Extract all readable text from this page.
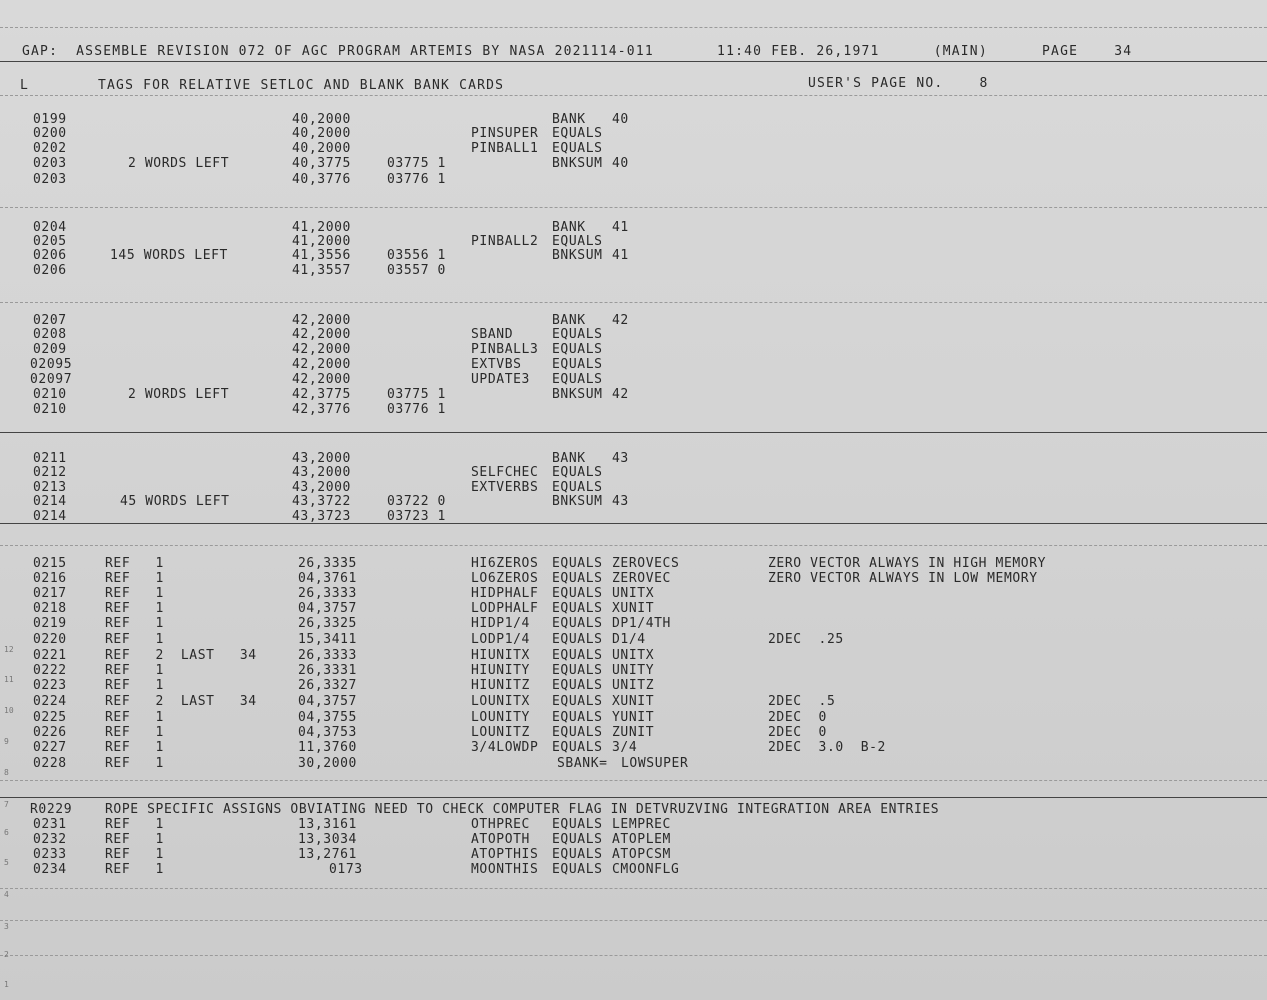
GAP:  ASSEMBLE REVISION 072 OF AGC PROGRAM ARTEMIS BY NASA 2021114-011       11:40 FEB. 26,1971      (MAIN)      PAGE    34
L	TAGS FOR RELATIVE SETLOC AND BLANK BANK CARDS	USER'S PAGE NO.    8
0199	40,2000	BANK 40
0200	40,2000	PINSUPER EQUALS
0202	40,2000	PINBALL1 EQUALS
0203	2 WORDS LEFT	40,3775	03775 1	BNKSUM 40
0203	40,3776	03776 1
0204	41,2000	BANK 41
0205	41,2000	PINBALL2 EQUALS
0206	145 WORDS LEFT	41,3556	03556 1	BNKSUM 41
0206	41,3557	03557 0
0207	42,2000	BANK 42
0208	42,2000	SBAND	EQUALS
0209	42,2000	PINBALL3 EQUALS
02095	42,2000	EXTVBS EQUALS
02097	42,2000	UPDATE3 EQUALS
0210	2 WORDS LEFT	42,3775	03775 1	BNKSUM 42
0210	42,3776	03776 1
0211	43,2000	BANK 43
0212	43,2000	SELFCHEC EQUALS
0213	43,2000	EXTVERBS EQUALS
0214	45 WORDS LEFT	43,3722	03722 0	BNKSUM 43
0214	43,3723	03723 1
0215	REF   1	26,3335	HI6ZEROS EQUALS ZEROVECS	ZERO VECTOR ALWAYS IN HIGH MEMORY
0216	REF   1	04,3761	LO6ZEROS EQUALS ZEROVEC	ZERO VECTOR ALWAYS IN LOW MEMORY
0217	REF   1	26,3333	HIDPHALF EQUALS UNITX
0218	REF   1	04,3757	LODPHALF EQUALS XUNIT
0219	REF   1	26,3325	HIDP1/4 EQUALS DP1/4TH
0220	REF   1	15,3411	LODP1/4 EQUALS D1/4	2DEC  .25
0221	REF   2  LAST   34	26,3333	HIUNITX EQUALS UNITX
0222	REF   1	26,3331	HIUNITY EQUALS UNITY
0223	REF   1	26,3327	HIUNITZ EQUALS UNITZ
0224	REF   2  LAST   34	04,3757	LOUNITX EQUALS XUNIT	2DEC  .5
0225	REF   1	04,3755	LOUNITY EQUALS YUNIT	2DEC  0
0226	REF   1	04,3753	LOUNITZ EQUALS ZUNIT	2DEC  0
0227	REF   1	11,3760	3/4LOWDP EQUALS 3/4	2DEC  3.0  B-2
0228	REF   1	30,2000	SBANK= LOWSUPER
R0229	ROPE SPECIFIC ASSIGNS OBVIATING NEED TO CHECK COMPUTER FLAG IN DETVRUZVING INTEGRATION AREA ENTRIES
0231	REF   1	13,3161	OTHPREC EQUALS LEMPREC
0232	REF   1	13,3034	ATOPOTH EQUALS ATOPLEM
0233	REF   1	13,2761	ATOPTHIS EQUALS ATOPCSM
0234	REF   1	0173	MOONTHIS EQUALS CMOONFLG
12
11
10
9
8
7
6
5
4
3
2
1
